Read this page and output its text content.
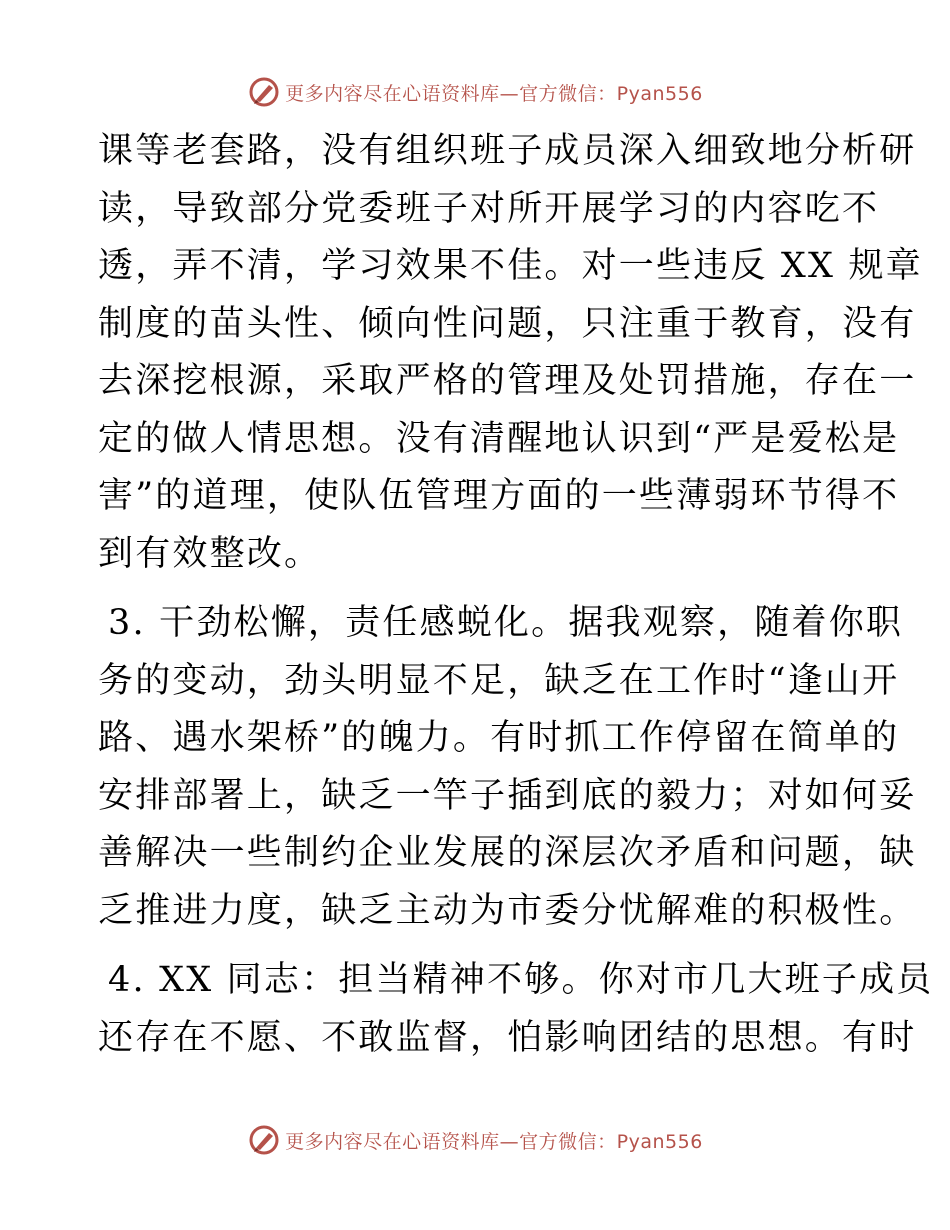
更多内容尽在心语资料库—官方微信：Pyan556
课等老套路，没有组织班子成员深入细致地分析研
读，导致部分党委班子对所开展学习的内容吃不
透，弄不清，学习效果不佳。对一些违反 XX 规章
制度的苗头性、倾向性问题，只注重于教育，没有
去深挖根源，采取严格的管理及处罚措施，存在一
定的做人情思想。没有清醒地认识到“严是爱松是
害”的道理，使队伍管理方面的一些薄弱环节得不
到有效整改。
3. 干劲松懈，责任感蜕化。据我观察，随着你职
务的变动，劲头明显不足，缺乏在工作时“逢山开
路、遇水架桥”的魄力。有时抓工作停留在简单的
安排部署上，缺乏一竿子插到底的毅力；对如何妥
善解决一些制约企业发展的深层次矛盾和问题，缺
乏推进力度，缺乏主动为市委分忧解难的积极性。
4. XX 同志：担当精神不够。你对市几大班子成员
还存在不愿、不敢监督，怕影响团结的思想。有时
更多内容尽在心语资料库—官方微信：Pyan556
